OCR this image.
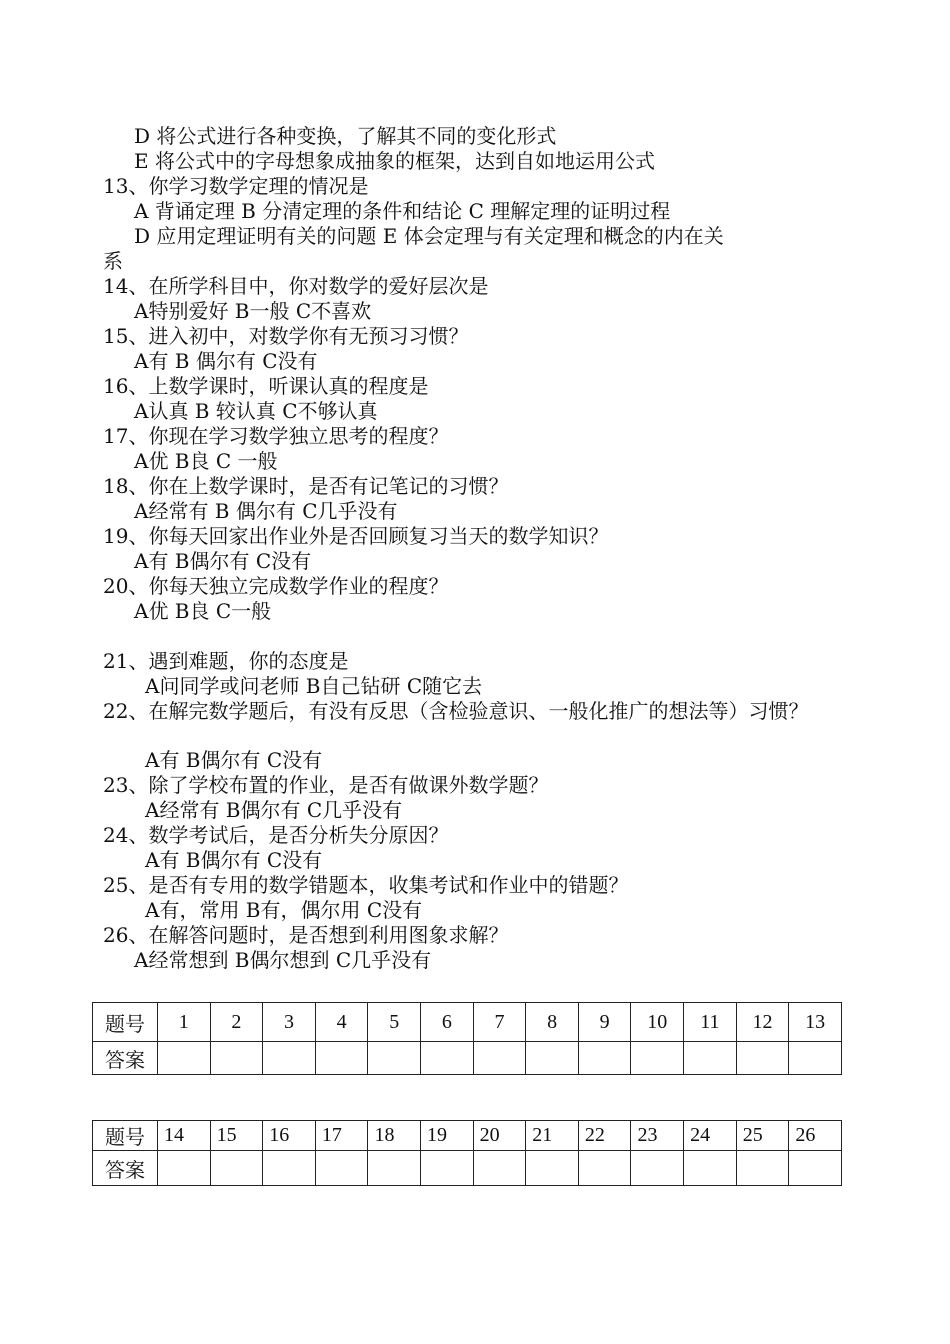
D 将公式进行各种变换，了解其不同的变化形式
E 将公式中的字母想象成抽象的框架，达到自如地运用公式
13、你学习数学定理的情况是
A 背诵定理 B 分清定理的条件和结论 C 理解定理的证明过程
D 应用定理证明有关的问题 E 体会定理与有关定理和概念的内在关
系
14、在所学科目中，你对数学的爱好层次是
A特别爱好 B一般 C不喜欢
15、进入初中，对数学你有无预习习惯？
A有 B 偶尔有 C没有
16、上数学课时，听课认真的程度是
A认真 B 较认真 C不够认真
17、你现在学习数学独立思考的程度？
A优 B良 C 一般
18、你在上数学课时，是否有记笔记的习惯？
A经常有 B 偶尔有 C几乎没有
19、你每天回家出作业外是否回顾复习当天的数学知识？
A有 B偶尔有 C没有
20、你每天独立完成数学作业的程度？
A优 B良 C一般
21、遇到难题，你的态度是
A问同学或问老师 B自己钻研 C随它去
22、在解完数学题后，有没有反思（含检验意识、一般化推广的想法等）习惯？
A有 B偶尔有 C没有
23、除了学校布置的作业，是否有做课外数学题？
A经常有 B偶尔有 C几乎没有
24、数学考试后，是否分析失分原因？
A有 B偶尔有 C没有
25、是否有专用的数学错题本，收集考试和作业中的错题？
A有，常用 B有，偶尔用 C没有
26、在解答问题时，是否想到利用图象求解？
A经常想到 B偶尔想到 C几乎没有
题号	1	2	3	4	5	6	7	8	9	10	11	12	13
答案													
题号	14	15	16	17	18	19	20	21	22	23	24	25	26
答案													
